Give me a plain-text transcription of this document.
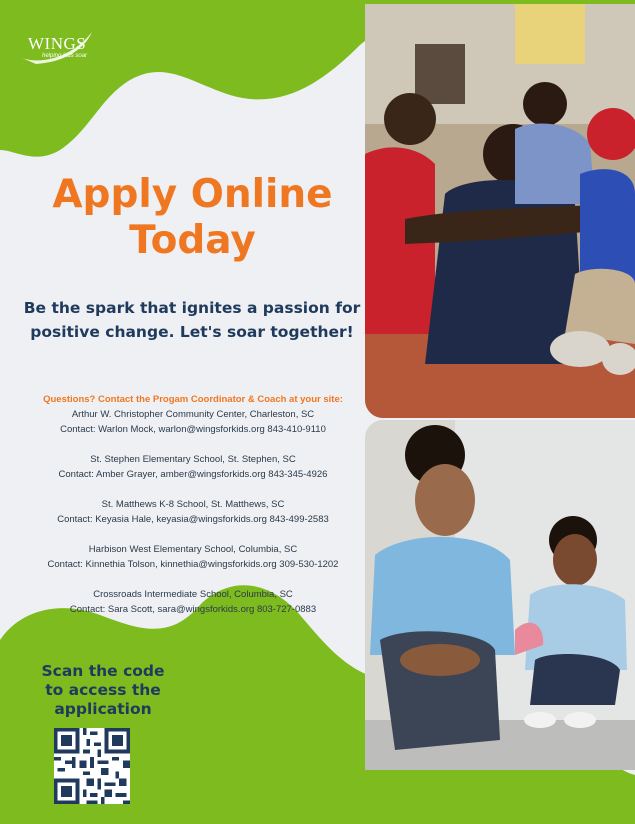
WINGS
helping kids soar
Apply Online
Today
Be the spark that ignites a passion for
positive change. Let's soar together!
Questions? Contact the Progam Coordinator & Coach at your site:
Arthur W. Christopher Community Center, Charleston, SC
Contact: Warlon Mock, warlon@wingsforkids.org 843-410-9110
St. Stephen Elementary School, St. Stephen, SC
Contact: Amber Grayer, amber@wingsforkids.org 843-345-4926
St. Matthews K-8 School, St. Matthews, SC
Contact: Keyasia Hale, keyasia@wingsforkids.org 843-499-2583
Harbison West Elementary School, Columbia, SC
Contact: Kinnethia Tolson, kinnethia@wingsforkids.org 309-530-1202
Crossroads Intermediate School, Columbia, SC
Contact: Sara Scott, sara@wingsforkids.org 803-727-0883
Scan the code
to access the
application
